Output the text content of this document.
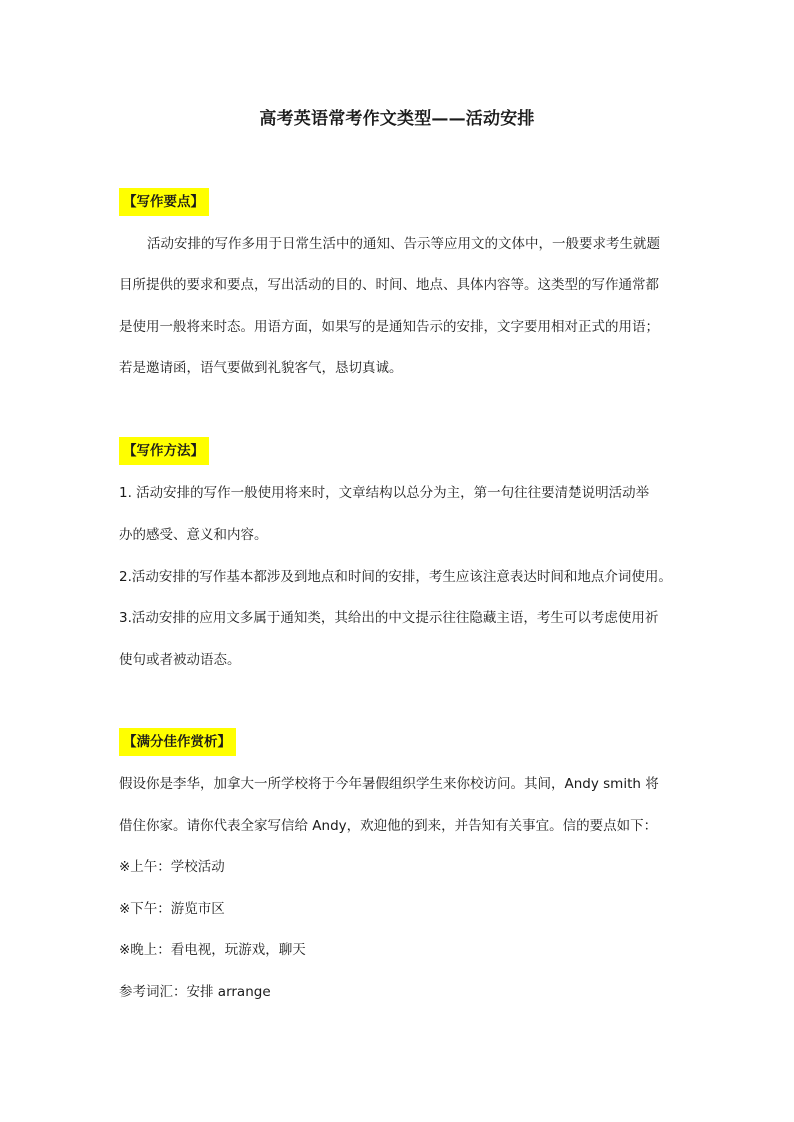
高考英语常考作文类型——活动安排
【写作要点】
活动安排的写作多用于日常生活中的通知、告示等应用文的文体中，一般要求考生就题
目所提供的要求和要点，写出活动的目的、时间、地点、具体内容等。这类型的写作通常都
是使用一般将来时态。用语方面，如果写的是通知告示的安排，文字要用相对正式的用语；
若是邀请函，语气要做到礼貌客气，恳切真诚。
【写作方法】
1. 活动安排的写作一般使用将来时，文章结构以总分为主，第一句往往要清楚说明活动举
办的感受、意义和内容。
2.活动安排的写作基本都涉及到地点和时间的安排，考生应该注意表达时间和地点介词使用。
3.活动安排的应用文多属于通知类，其给出的中文提示往往隐藏主语，考生可以考虑使用祈
使句或者被动语态。
【满分佳作赏析】
假设你是李华，加拿大一所学校将于今年暑假组织学生来你校访问。其间，Andy smith 将
借住你家。请你代表全家写信给 Andy，欢迎他的到来，并告知有关事宜。信的要点如下：
※上午：学校活动
※下午：游览市区
※晚上：看电视，玩游戏，聊天
参考词汇：安排 arrange
